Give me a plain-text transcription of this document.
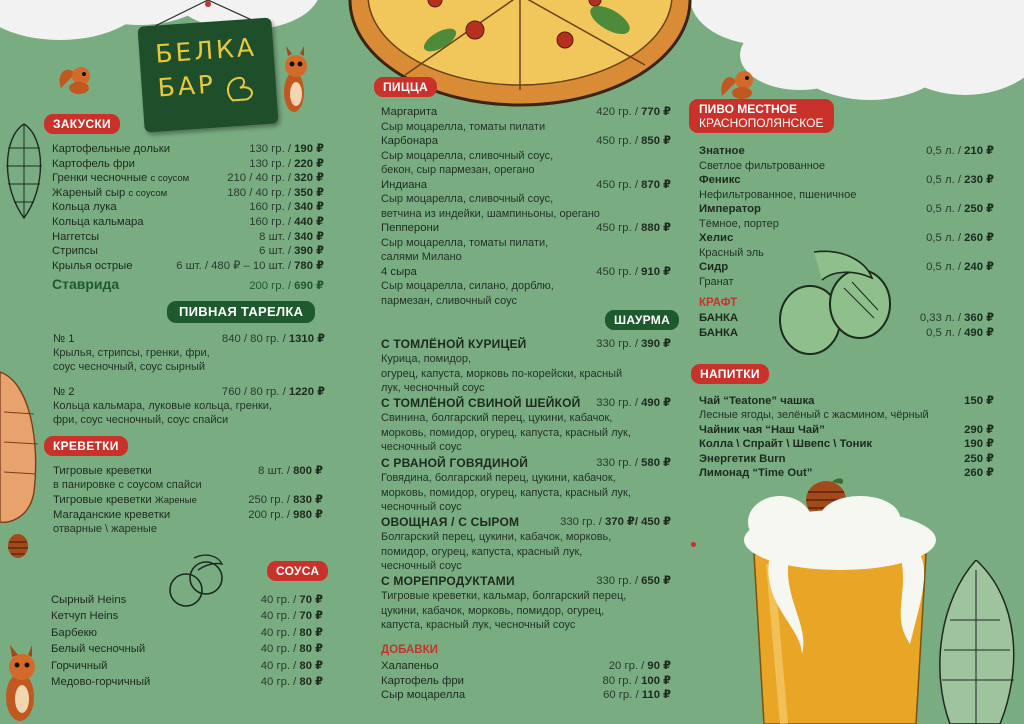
БЕЛКА
БАР
ЗАКУСКИ
Картофельные дольки	130 гр. / 190 ₽
Картофель фри	130 гр. / 220 ₽
Гренки чесночные с соусом	210 / 40 гр. / 320 ₽
Жареный сыр с соусом	180 / 40 гр. / 350 ₽
Кольца лука	160 гр. / 340 ₽
Кольца кальмара	160 гр. / 440 ₽
Наггетсы	8 шт. / 340 ₽
Стрипсы	6 шт. / 390 ₽
Крылья острые	6 шт. / 480 ₽ – 10 шт. / 780 ₽
Ставрида	200 гр. / 690 ₽
ПИВНАЯ ТАРЕЛКА
№ 1	840 / 80 гр. / 1310 ₽
Крылья, стрипсы, гренки, фри,
соус чесночный, соус сырный
№ 2	760 / 80 гр. / 1220 ₽
Кольца кальмара, луковые кольца, гренки,
фри, соус чесночный, соус спайси
КРЕВЕТКИ
Тигровые креветки	8 шт. / 800 ₽
в панировке с соусом спайси
Тигровые креветки Жареные	250 гр. / 830 ₽
Магаданские креветки	200 гр. / 980 ₽
отварные \ жареные
СОУСА
Сырный Heins	40 гр. / 70 ₽
Кетчуп Heins	40 гр. / 70 ₽
Барбекю	40 гр. / 80 ₽
Белый чесночный	40 гр. / 80 ₽
Горчичный	40 гр. / 80 ₽
Медово-горчичный	40 гр. / 80 ₽
ПИЦЦА
Маргарита	420 гр. / 770 ₽
Сыр моцарелла, томаты пилати
Карбонара	450 гр. / 850 ₽
Сыр моцарелла, сливочный соус,
бекон, сыр пармезан, орегано
Индиана	450 гр. / 870 ₽
Сыр моцарелла, сливочный соус,
ветчина из индейки, шампиньоны, орегано
Пепперони	450 гр. / 880 ₽
Сыр моцарелла, томаты пилати,
салями Милано
4 сыра	450 гр. / 910 ₽
Сыр моцарелла, силано, дорблю,
пармезан, сливочный соус
ШАУРМА
С ТОМЛЁНОЙ КУРИЦЕЙ	330 гр. / 390 ₽
Курица, помидор,
огурец, капуста, морковь по-корейски, красный
лук, чесночный соус
С ТОМЛЁНОЙ СВИНОЙ ШЕЙКОЙ 330 гр. / 490 ₽
Свинина, болгарский перец, цукини, кабачок,
морковь, помидор, огурец, капуста, красный лук,
чесночный соус
С РВАНОЙ ГОВЯДИНОЙ	330 гр. / 580 ₽
Говядина, болгарский перец, цукини, кабачок,
морковь, помидор, огурец, капуста, красный лук,
чесночный соус
ОВОЩНАЯ / С СЫРОМ	330 гр. / 370 ₽/ 450 ₽
Болгарский перец, цукини, кабачок, морковь,
помидор, огурец, капуста, красный лук,
чесночный соус
С МОРЕПРОДУКТАМИ	330 гр. / 650 ₽
Тигровые креветки, кальмар, болгарский перец,
цукини, кабачок, морковь, помидор, огурец,
капуста, красный лук, чесночный соус
ДОБАВКИ
Халапеньо	20 гр. / 90 ₽
Картофель фри	80 гр. / 100 ₽
Сыр моцарелла	60 гр. / 110 ₽
ПИВО МЕСТНОЕ
КРАСНОПОЛЯНСКОЕ
Знатное	0,5 л. / 210 ₽
Светлое фильтрованное
Феникс	0,5 л. / 230 ₽
Нефильтрованное, пшеничное
Император	0,5 л. / 250 ₽
Тёмное, портер
Хелис	0,5 л. / 260 ₽
Красный эль
Сидр	0,5 л. / 240 ₽
Гранат
КРАФТ
БАНКА	0,33 л. / 360 ₽
БАНКА	0,5 л. / 490 ₽
НАПИТКИ
Чай “Teatone” чашка	150 ₽
Лесные ягоды, зелёный с жасмином, чёрный
Чайник чая “Наш Чай”	290 ₽
Колла \ Спрайт \ Швепс \ Тоник	190 ₽
Энергетик Burn	250 ₽
Лимонад “Time Out”	260 ₽
